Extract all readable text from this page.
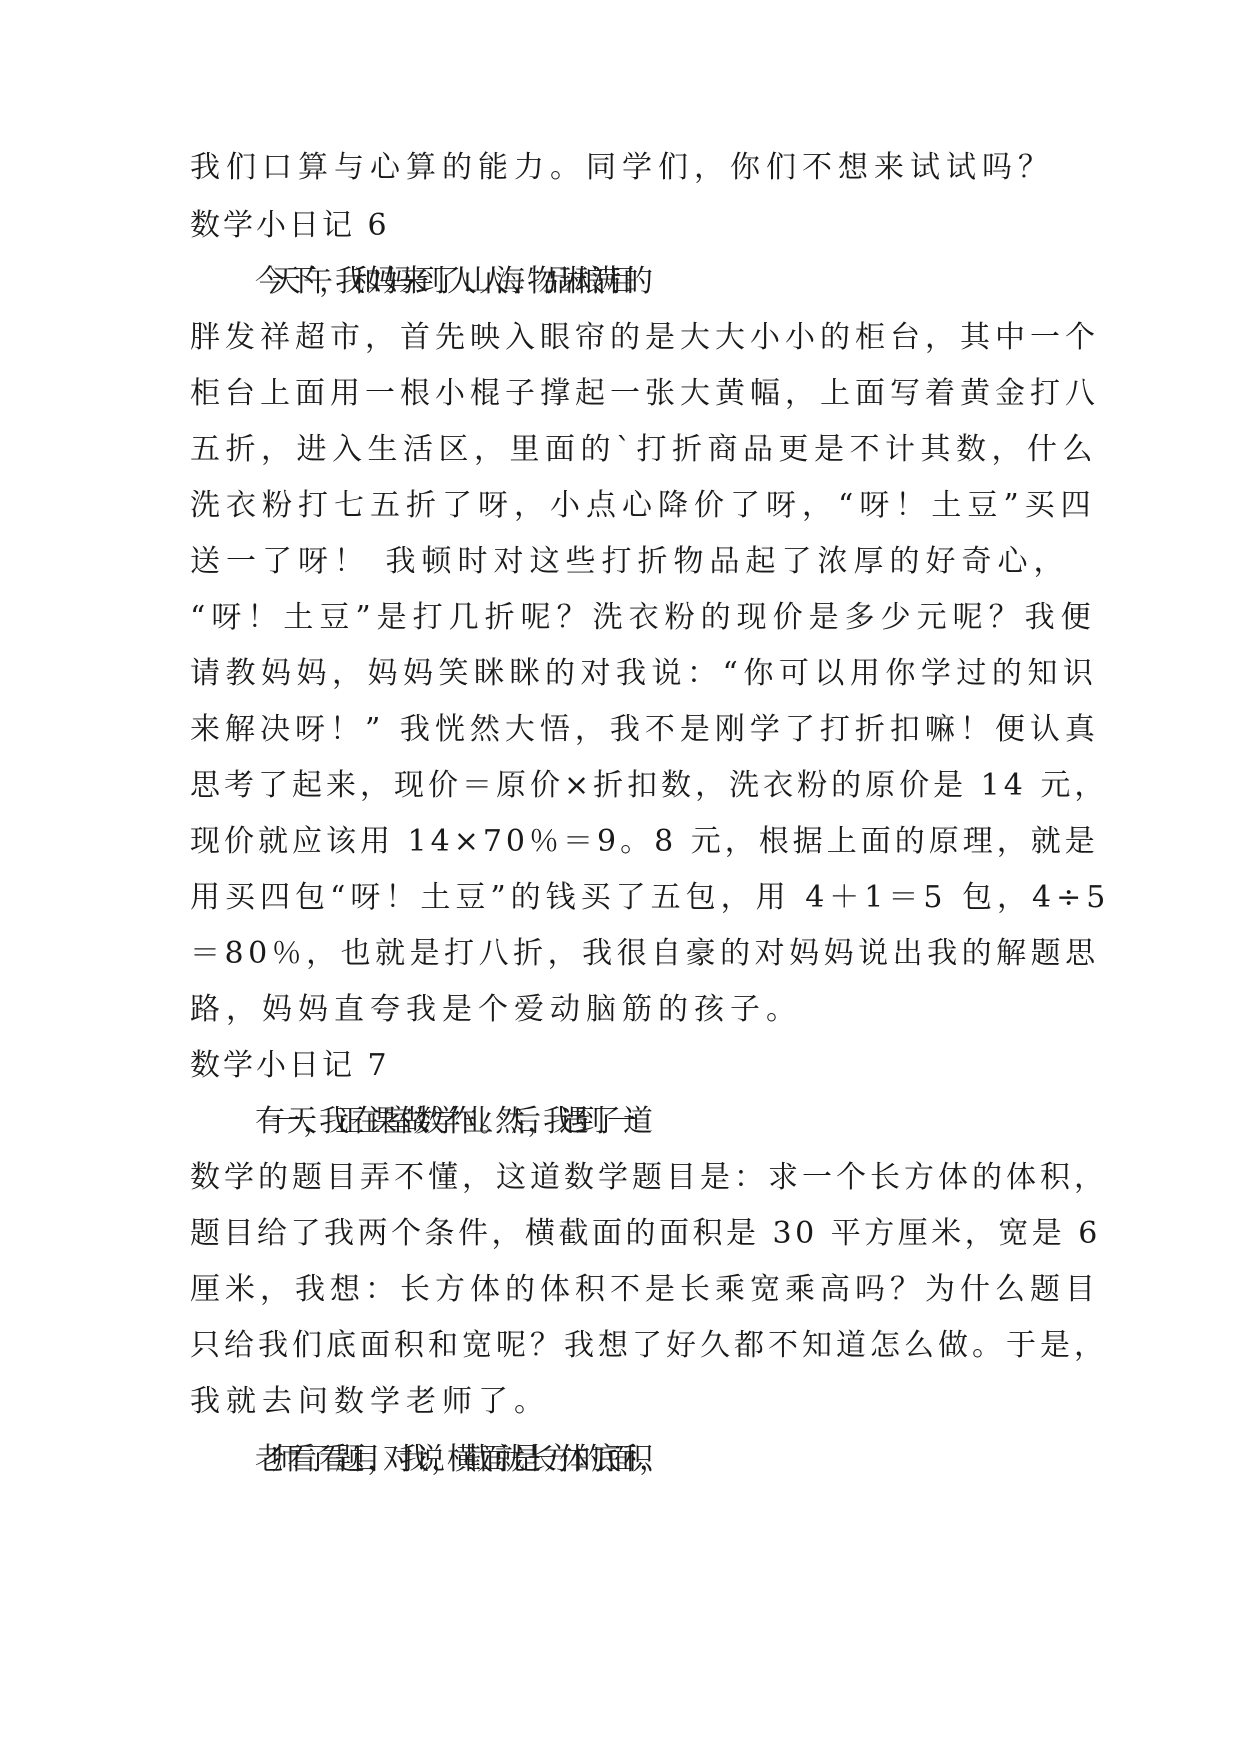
我们口算与心算的能力。同学们，你们不想来试试吗？
数学小日记 6
今天下午，我和妈妈来到了人山人海、物品琳琅满目的
胖发祥超市，首先映入眼帘的是大大小小的柜台，其中一个
柜台上面用一根小棍子撑起一张大黄幅，上面写着黄金打八
五折，进入生活区，里面的`打折商品更是不计其数，什么
洗衣粉打七五折了呀，小点心降价了呀，“呀！土豆”买四
送一了呀！ 我顿时对这些打折物品起了浓厚的好奇心，
“呀！土豆”是打几折呢？洗衣粉的现价是多少元呢？我便
请教妈妈，妈妈笑眯眯的对我说：“你可以用你学过的知识
来解决呀！” 我恍然大悟，我不是刚学了打折扣嘛！便认真
思考了起来，现价＝原价×折扣数，洗衣粉的原价是 14 元，
现价就应该用 14×70％＝9。8 元，根据上面的原理，就是
用买四包“呀！土豆”的钱买了五包，用 4＋1＝5 包，4÷5
＝80％，也就是打八折，我很自豪的对妈妈说出我的解题思
路，妈妈直夸我是个爱动脑筋的孩子。
数学小日记 7
有一天，我正在课室做数学作业。然后，我遇到了一道
数学的题目弄不懂，这道数学题目是：求一个长方体的体积，
题目给了我两个条件，横截面的面积是 30 平方厘米，宽是 6
厘米，我想：长方体的体积不是长乘宽乘高吗？为什么题目
只给我们底面积和宽呢？我想了好久都不知道怎么做。于是，
我就去问数学老师了。
老师看了看题目，对我说，横截面就是长方体的底面积，
